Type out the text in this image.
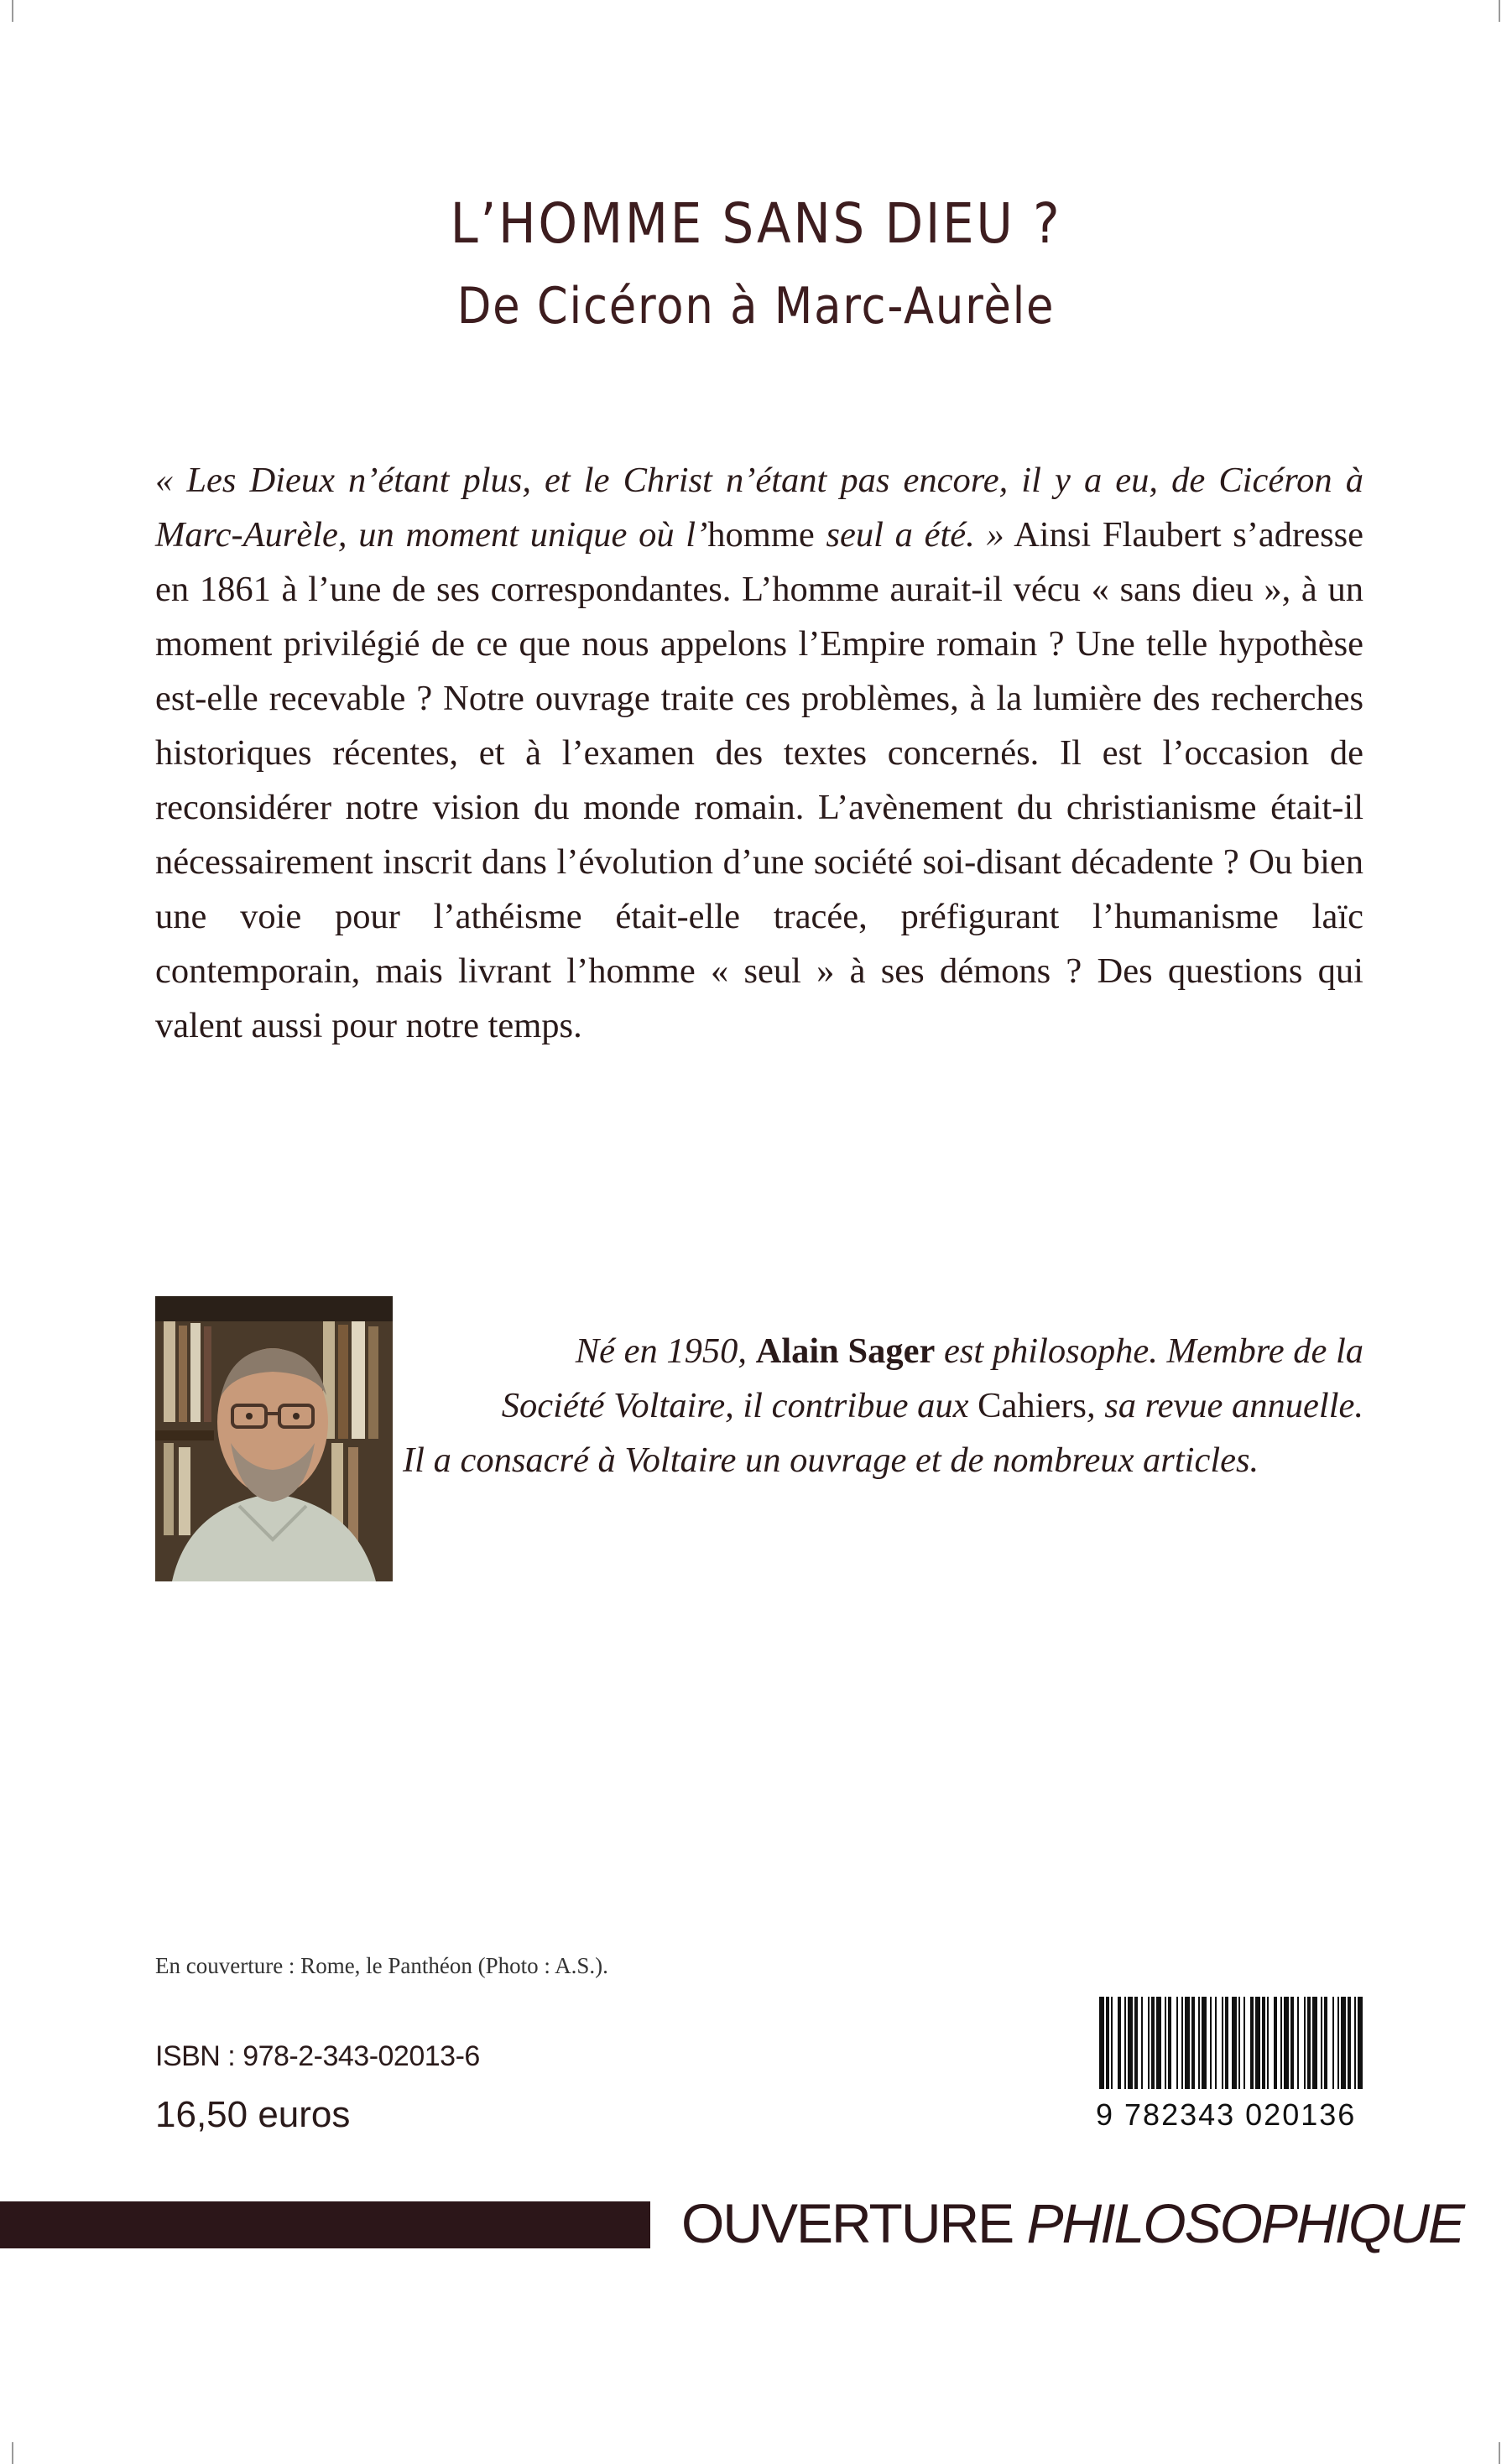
L’HOMME SANS DIEU ?
De Cicéron à Marc-Aurèle
« Les Dieux n’étant plus, et le Christ n’étant pas encore, il y a eu, de Cicéron à Marc-Aurèle, un moment unique où l’homme seul a été. » Ainsi Flaubert s’adresse en 1861 à l’une de ses correspondantes. L’homme aurait-il vécu « sans dieu », à un moment privilégié de ce que nous appelons l’Empire romain ? Une telle hypothèse est-elle recevable ? Notre ouvrage traite ces problèmes, à la lumière des recherches historiques récentes, et à l’examen des textes concernés. Il est l’occasion de reconsidérer notre vision du monde romain. L’avènement du christianisme était-il nécessairement inscrit dans l’évolution d’une société soi-disant décadente ? Ou bien une voie pour l’athéisme était-elle tracée, préfigurant l’humanisme laïc contemporain, mais livrant l’homme « seul » à ses démons ? Des questions qui valent aussi pour notre temps.
Né en 1950, Alain Sager est philosophe. Membre de la
Société Voltaire, il contribue aux Cahiers, sa revue annuelle.
Il a consacré à Voltaire un ouvrage et de nombreux articles.
En couverture : Rome, le Panthéon (Photo : A.S.).
ISBN : 978-2-343-02013-6
16,50 euros	9 782343 020136
OUVERTURE PHILOSOPHIQUE
